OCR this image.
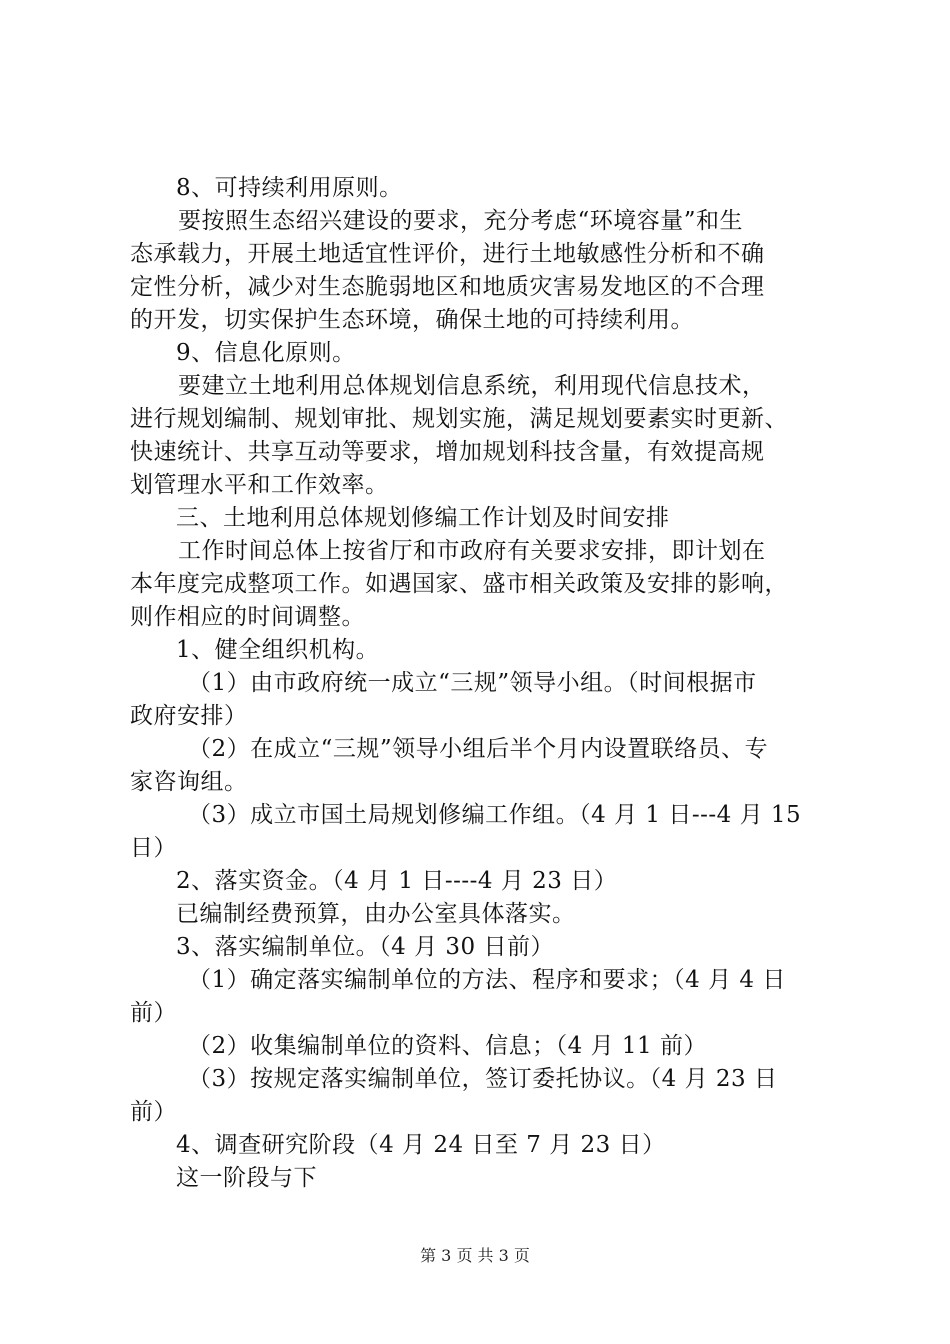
8、可持续利用原则。
要按照生态绍兴建设的要求，充分考虑“环境容量”和生
态承载力，开展土地适宜性评价，进行土地敏感性分析和不确
定性分析，减少对生态脆弱地区和地质灾害易发地区的不合理
的开发，切实保护生态环境，确保土地的可持续利用。
9、信息化原则。
要建立土地利用总体规划信息系统，利用现代信息技术，
进行规划编制、规划审批、规划实施，满足规划要素实时更新、
快速统计、共享互动等要求，增加规划科技含量，有效提高规
划管理水平和工作效率。
三、土地利用总体规划修编工作计划及时间安排
工作时间总体上按省厅和市政府有关要求安排，即计划在
本年度完成整项工作。如遇国家、盛市相关政策及安排的影响，
则作相应的时间调整。
1、健全组织机构。
（1）由市政府统一成立“三规”领导小组。（时间根据市
政府安排）
（2）在成立“三规”领导小组后半个月内设置联络员、专
家咨询组。
（3）成立市国土局规划修编工作组。（4 月 1 日---4 月 15
日）
2、落实资金。（4 月 1 日----4 月 23 日）
已编制经费预算，由办公室具体落实。
3、落实编制单位。（4 月 30 日前）
（1）确定落实编制单位的方法、程序和要求；（4 月 4 日
前）
（2）收集编制单位的资料、信息；（4 月 11 前）
（3）按规定落实编制单位，签订委托协议。（4 月 23 日
前）
4、调查研究阶段（4 月 24 日至 7 月 23 日）
这一阶段与下
第 3 页 共 3 页
